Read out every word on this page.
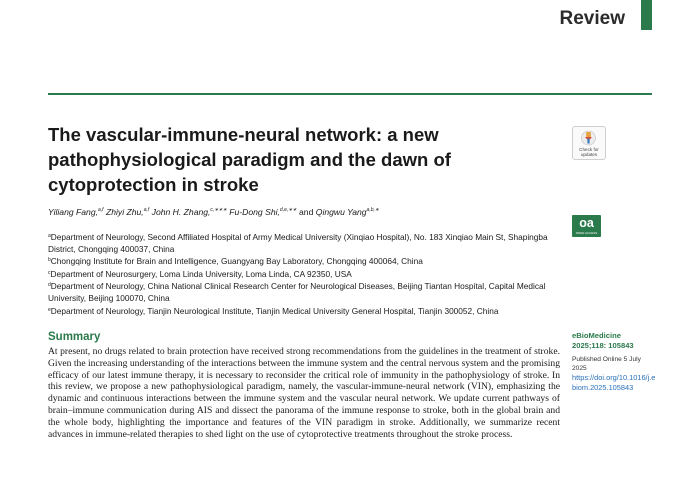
Review
The vascular-immune-neural network: a new pathophysiological paradigm and the dawn of cytoprotection in stroke
Check for
updates
Yiliang Fang,$^{a,f}$ Zhiyi Zhu,$^{a,f}$ John H. Zhang,$^{c,∗∗∗}$ Fu-Dong Shi,$^{d,e,∗∗}$ and Qingwu Yang$^{a,b,∗}$
oa
OPEN ACCESS
$^a$Department of Neurology, Second Affiliated Hospital of Army Medical University (Xinqiao Hospital), No. 183 Xinqiao Main St, Shapingba District, Chongqing 400037, China
$^b$Chongqing Institute for Brain and Intelligence, Guangyang Bay Laboratory, Chongqing 400064, China
$^c$Department of Neurosurgery, Loma Linda University, Loma Linda, CA 92350, USA
$^d$Department of Neurology, China National Clinical Research Center for Neurological Diseases, Beijing Tiantan Hospital, Capital Medical University, Beijing 100070, China
$^e$Department of Neurology, Tianjin Neurological Institute, Tianjin Medical University General Hospital, Tianjin 300052, China
Summary
At present, no drugs related to brain protection have received strong recommendations from the guidelines in the treatment of stroke. Given the increasing understanding of the interactions between the immune system and the central nervous system and the promising efficacy of our latest immune therapy, it is necessary to reconsider the critical role of immunity in the pathophysiology of stroke. In this review, we propose a new pathophysiological paradigm, namely, the vascular-immune-neural network (VIN), emphasizing the dynamic and continuous interactions between the immune system and the vascular neural network. We update current pathways of brain–immune communication during AIS and dissect the panorama of the immune response to stroke, both in the global brain and the whole body, highlighting the importance and features of the VIN paradigm in stroke. Additionally, we summarize recent advances in immune-related therapies to shed light on the use of cytoprotective treatments throughout the stroke process.
eBioMedicine
2025;118: 105843
Published Online 5 July 2025
https://doi.org/10.1016/j.ebiom.2025.105843
